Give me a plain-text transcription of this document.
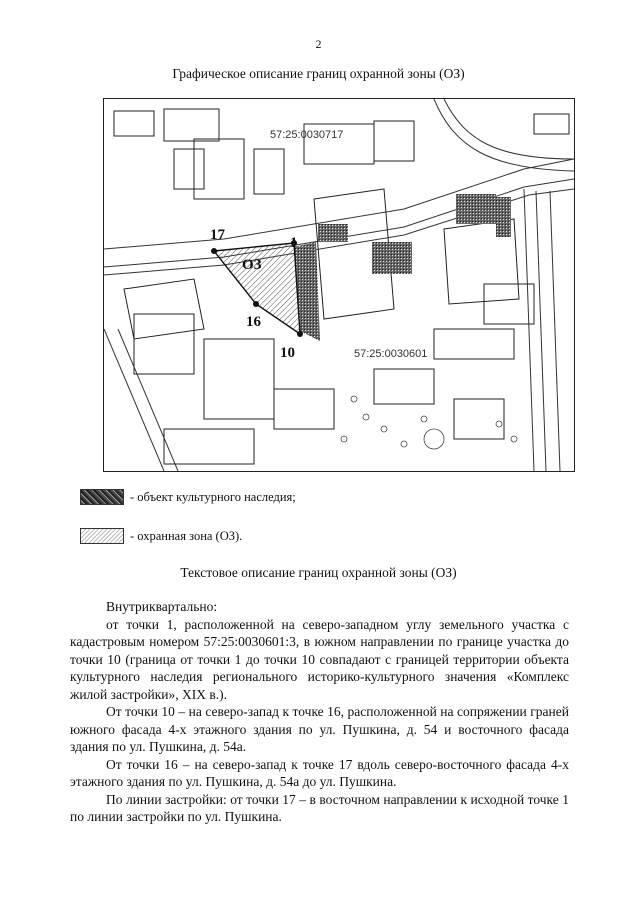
2
Графическое описание границ охранной зоны (ОЗ)
57:25:0030717
57:25:0030601
ОЗ
17	1
16
10
- объект культурного наследия;
- охранная зона (ОЗ).
Текстовое описание границ охранной зоны (ОЗ)

Внутриквартально:

от точки 1, расположенной на северо-западном углу земельного участка с кадастровым номером 57:25:0030601:3, в южном направлении по границе участка до точки 10 (граница от точки 1 до точки 10 совпадают с границей территории объекта культурного наследия регионального историко-культурного значения «Комплекс жилой застройки», XIX в.).

От точки 10 – на северо-запад к точке 16, расположенной на сопряжении граней южного фасада 4-х этажного здания по ул. Пушкина, д. 54 и восточного фасада здания по ул. Пушкина, д. 54а.

От точки 16 – на северо-запад к точке 17 вдоль северо-восточного фасада 4-х этажного здания по ул. Пушкина, д. 54а до ул. Пушкина.

По линии застройки: от точки 17 – в восточном направлении к исходной точке 1 по линии застройки по ул. Пушкина.
